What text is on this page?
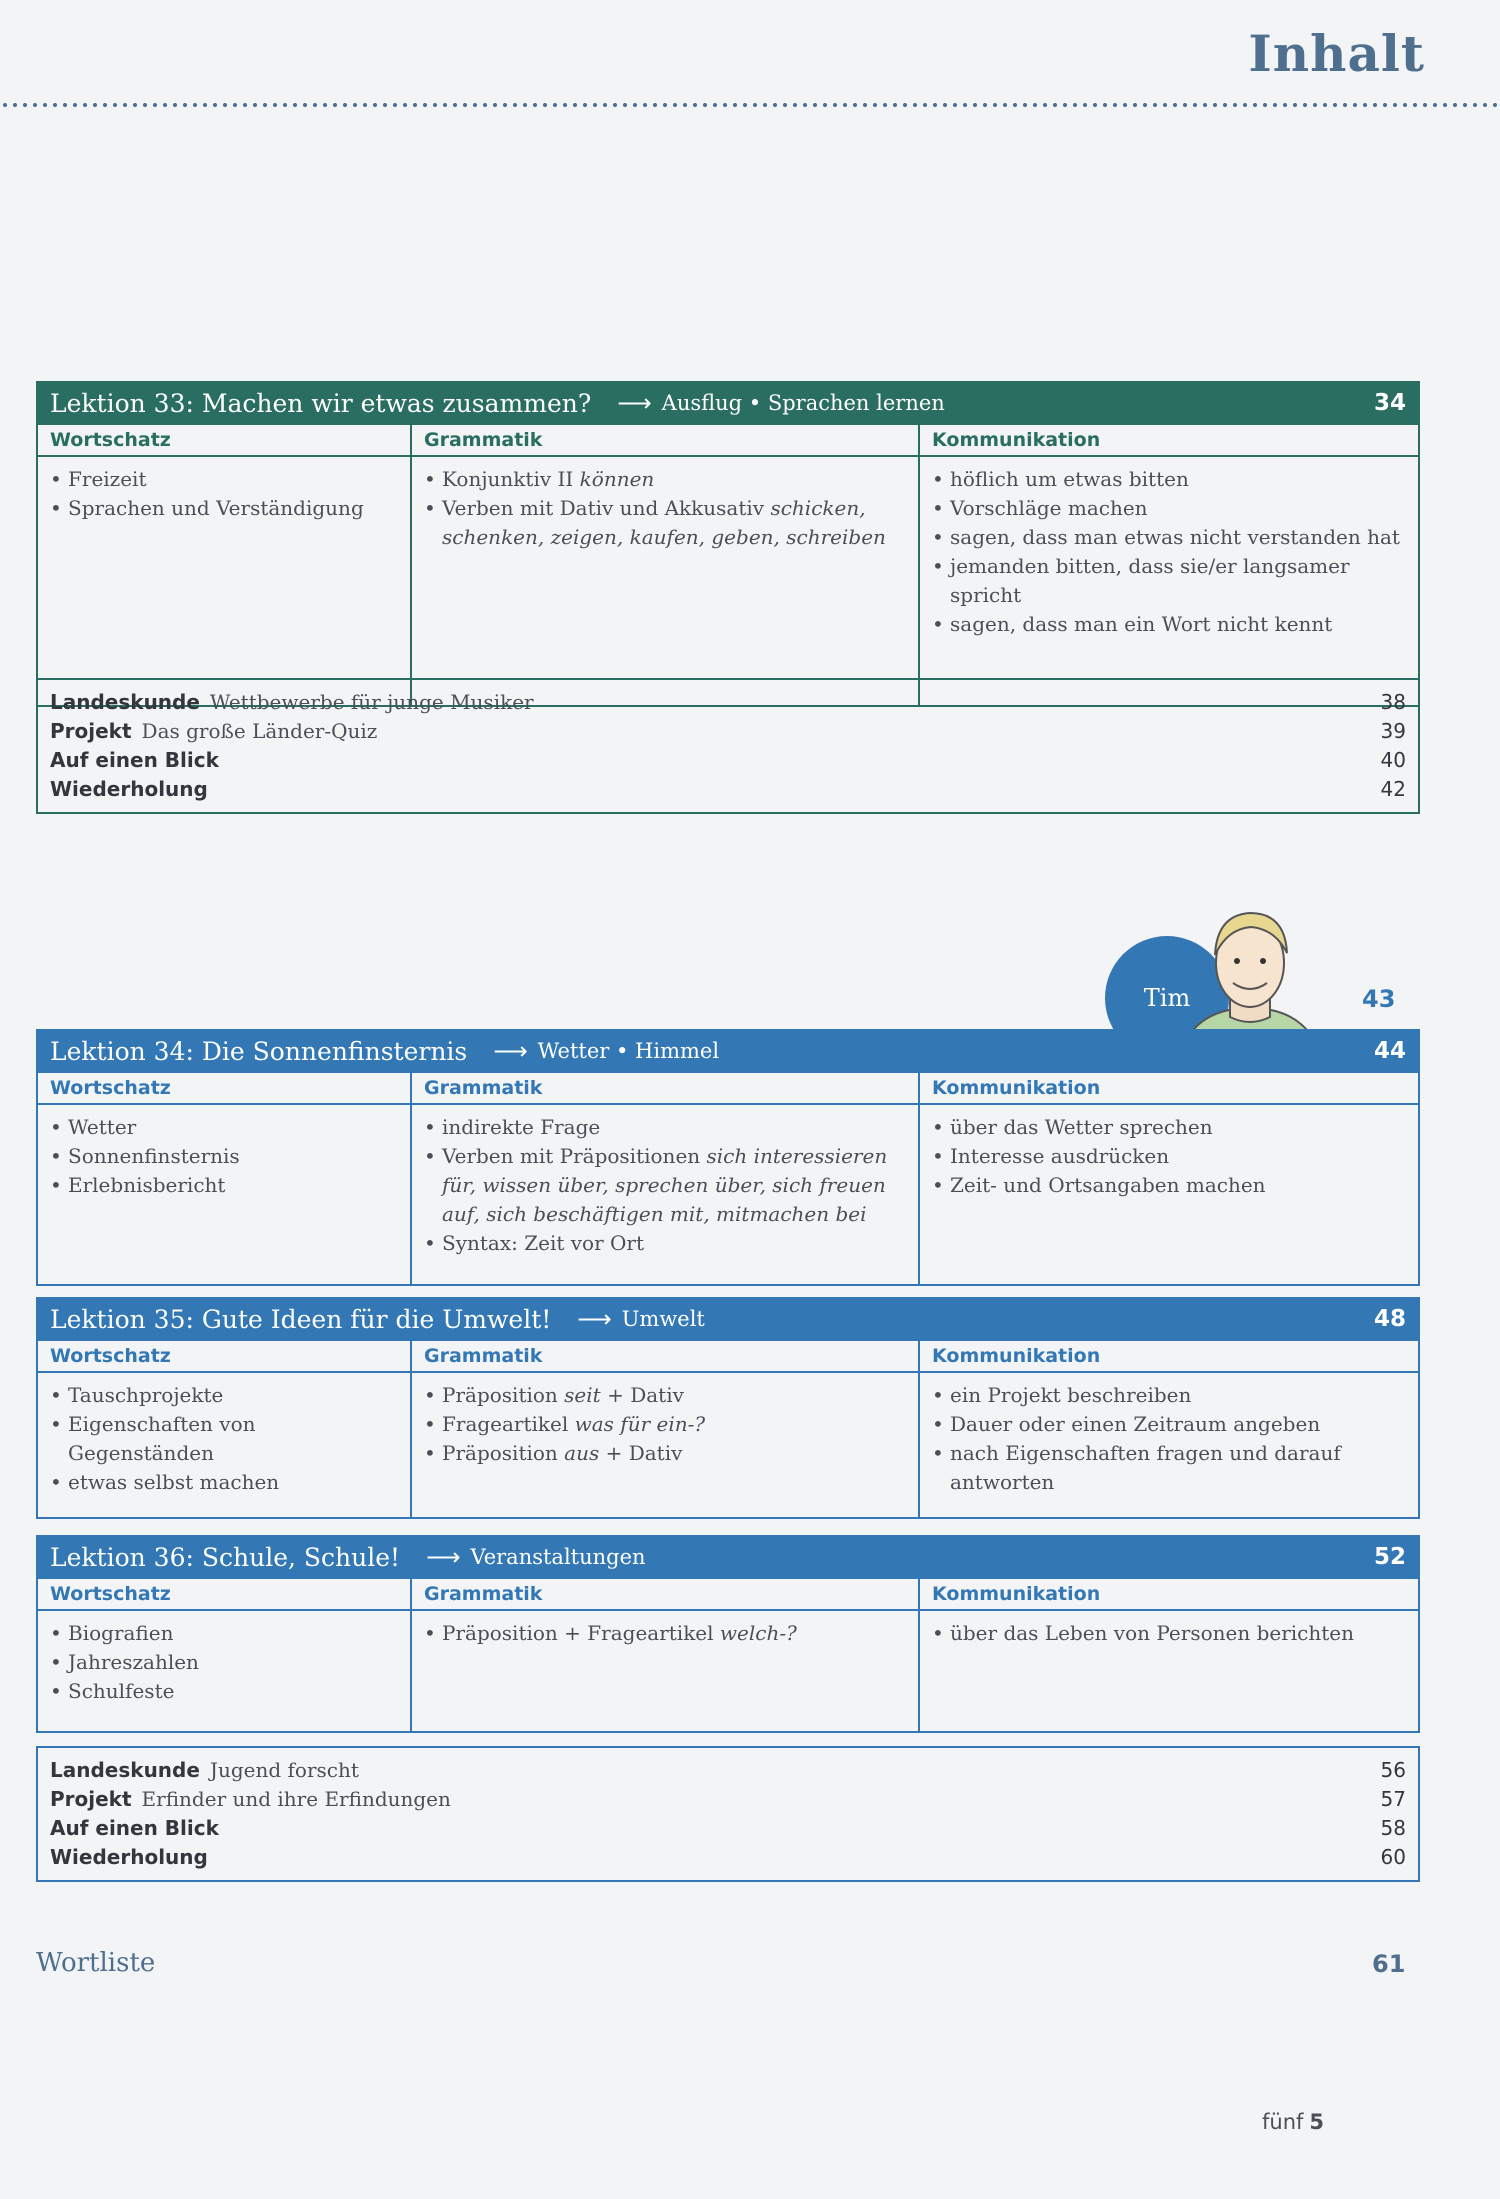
Inhalt
Lektion 33: Machen wir etwas zusammen? ⟶ Ausflug • Sprachen lernen	34
Wortschatz
• Freizeit
• Sprachen und Verständigung
Grammatik
• Konjunktiv II können
• Verben mit Dativ und Akkusativ schicken, schenken, zeigen, kaufen, geben, schreiben
Kommunikation
• höflich um etwas bitten
• Vorschläge machen
• sagen, dass man etwas nicht verstanden hat
• jemanden bitten, dass sie/er langsamer spricht
• sagen, dass man ein Wort nicht kennt
Landeskunde Wettbewerbe für junge Musiker	38
Projekt Das große Länder-Quiz	39
Auf einen Blick	40
Wiederholung	42
Tim	43
Lektion 34: Die Sonnenfinsternis ⟶ Wetter • Himmel	44
Wortschatz
• Wetter
• Sonnenfinsternis
• Erlebnisbericht
Grammatik
• indirekte Frage
• Verben mit Präpositionen sich interessieren für, wissen über, sprechen über, sich freuen auf, sich beschäftigen mit, mitmachen bei
• Syntax: Zeit vor Ort
Kommunikation
• über das Wetter sprechen
• Interesse ausdrücken
• Zeit- und Ortsangaben machen
Lektion 35: Gute Ideen für die Umwelt! ⟶ Umwelt	48
Wortschatz
• Tauschprojekte
• Eigenschaften von Gegenständen
• etwas selbst machen
Grammatik
• Präposition seit + Dativ
• Frageartikel was für ein-?
• Präposition aus + Dativ
Kommunikation
• ein Projekt beschreiben
• Dauer oder einen Zeitraum angeben
• nach Eigenschaften fragen und darauf antworten
Lektion 36: Schule, Schule! ⟶ Veranstaltungen	52
Wortschatz
• Biografien
• Jahreszahlen
• Schulfeste
Grammatik
• Präposition + Frageartikel welch-?
Kommunikation
• über das Leben von Personen berichten
Landeskunde Jugend forscht	56
Projekt Erfinder und ihre Erfindungen	57
Auf einen Blick	58
Wiederholung	60
Wortliste	61
fünf 5
